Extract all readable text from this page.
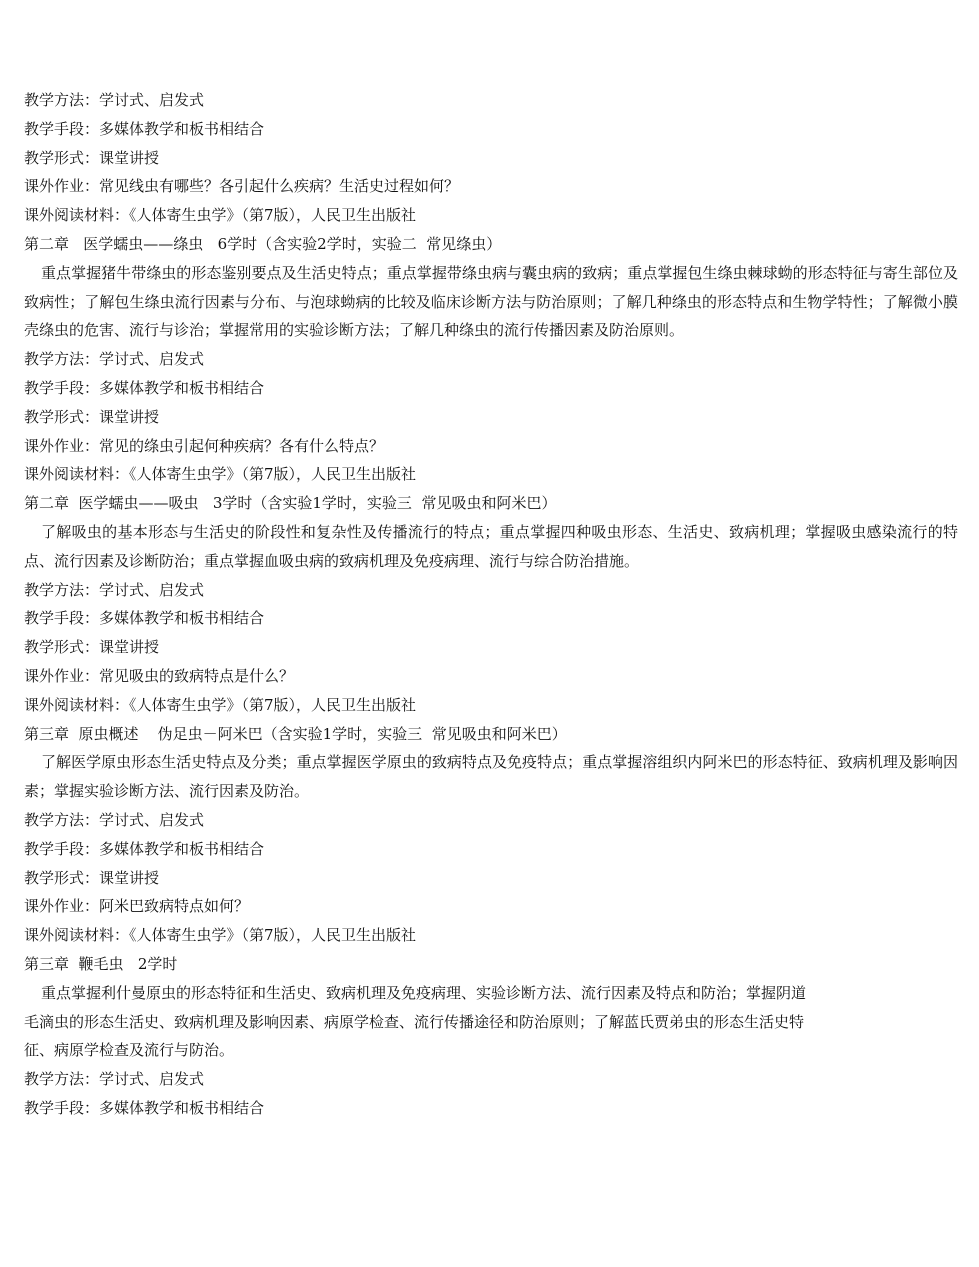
教学方法：学讨式、启发式
教学手段：多媒体教学和板书相结合
教学形式：课堂讲授
课外作业：常见线虫有哪些？各引起什么疾病？生活史过程如何？
课外阅读材料：《人体寄生虫学》（第7版），人民卫生出版社
第二章   医学蠕虫——绦虫   6学时（含实验2学时，实验二  常见绦虫）

重点掌握猪牛带绦虫的形态鉴别要点及生活史特点；重点掌握带绦虫病与囊虫病的致病；重点掌握包生绦虫棘球蚴的形态特征与寄生部位及致病性；了解包生绦虫流行因素与分布、与泡球蚴病的比较及临床诊断方法与防治原则；了解几种绦虫的形态特点和生物学特性；了解微小膜壳绦虫的危害、流行与诊治；掌握常用的实验诊断方法；了解几种绦虫的流行传播因素及防治原则。

教学方法：学讨式、启发式
教学手段：多媒体教学和板书相结合
教学形式：课堂讲授
课外作业：常见的绦虫引起何种疾病？各有什么特点？
课外阅读材料：《人体寄生虫学》（第7版），人民卫生出版社
第二章  医学蠕虫——吸虫   3学时（含实验1学时，实验三  常见吸虫和阿米巴）

了解吸虫的基本形态与生活史的阶段性和复杂性及传播流行的特点；重点掌握四种吸虫形态、生活史、致病机理；掌握吸虫感染流行的特点、流行因素及诊断防治；重点掌握血吸虫病的致病机理及免疫病理、流行与综合防治措施。

教学方法：学讨式、启发式
教学手段：多媒体教学和板书相结合
教学形式：课堂讲授
课外作业：常见吸虫的致病特点是什么？
课外阅读材料：《人体寄生虫学》（第7版），人民卫生出版社
第三章  原虫概述    伪足虫－阿米巴（含实验1学时，实验三  常见吸虫和阿米巴）

了解医学原虫形态生活史特点及分类；重点掌握医学原虫的致病特点及免疫特点；重点掌握溶组织内阿米巴的形态特征、致病机理及影响因素；掌握实验诊断方法、流行因素及防治。

教学方法：学讨式、启发式
教学手段：多媒体教学和板书相结合
教学形式：课堂讲授
课外作业：阿米巴致病特点如何？
课外阅读材料：《人体寄生虫学》（第7版），人民卫生出版社
第三章  鞭毛虫   2学时
重点掌握利什曼原虫的形态特征和生活史、致病机理及免疫病理、实验诊断方法、流行因素及特点和防治；掌握阴道
毛滴虫的形态生活史、致病机理及影响因素、病原学检查、流行传播途径和防治原则；了解蓝氏贾弟虫的形态生活史特
征、病原学检查及流行与防治。
教学方法：学讨式、启发式
教学手段：多媒体教学和板书相结合
